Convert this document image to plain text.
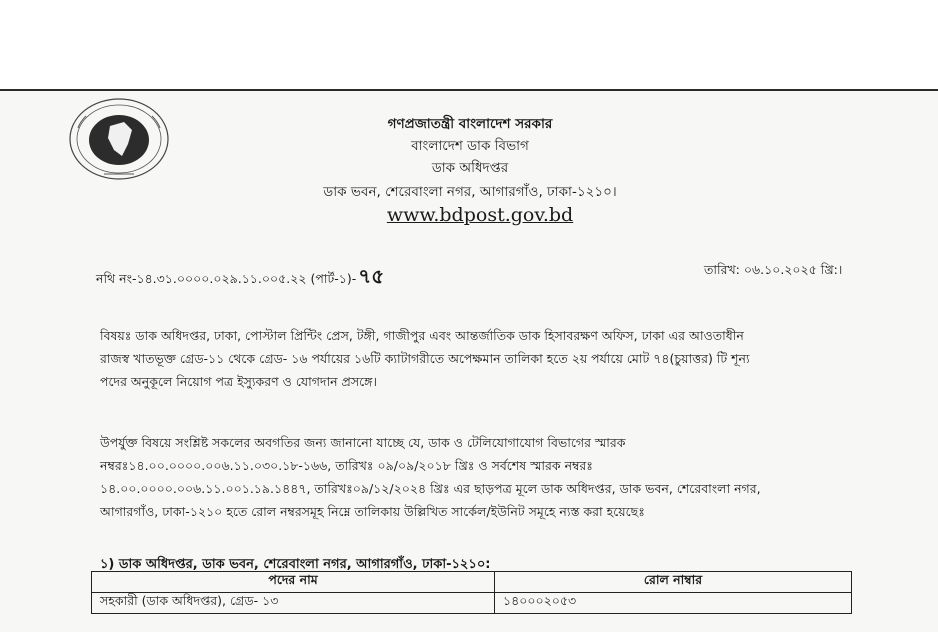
গণপ্রজাতন্ত্রী বাংলাদেশ সরকার
বাংলাদেশ ডাক বিভাগ
ডাক অধিদপ্তর
ডাক ভবন, শেরেবাংলা নগর, আগারগাঁও, ঢাকা-১২১০।
www.bdpost.gov.bd
নথি নং-১৪.৩১.০০০০.০২৯.১১.০০৫.২২ (পার্ট-১)- ৭৫	তারিখ: ০৬.১০.২০২৫ খ্রি:।
বিষয়ঃ ডাক অধিদপ্তর, ঢাকা, পোস্টাল প্রিন্টিং প্রেস, টঙ্গী, গাজীপুর এবং আন্তর্জাতিক ডাক হিসাবরক্ষণ অফিস, ঢাকা এর আওতাধীন
রাজস্ব খাতভূক্ত গ্রেড-১১ থেকে গ্রেড- ১৬ পর্যায়ের ১৬টি ক্যাটাগরীতে অপেক্ষমান তালিকা হতে ২য় পর্যায়ে মোট ৭৪(চুয়াত্তর) টি শূন্য
পদের অনুকূলে নিয়োগ পত্র ইস্যুকরণ ও যোগদান প্রসঙ্গে।
উপর্যুক্ত বিষয়ে সংশ্লিষ্ট সকলের অবগতির জন্য জানানো যাচ্ছে যে, ডাক ও টেলিযোগাযোগ বিভাগের স্মারক
নম্বরঃ১৪.০০.০০০০.০০৬.১১.০৩০.১৮-১৬৬, তারিখঃ ০৯/০৯/২০১৮ খ্রিঃ ও সর্বশেষ স্মারক নম্বরঃ
১৪.০০.০০০০.০০৬.১১.০০১.১৯.১৪৪৭, তারিখঃ০৯/১২/২০২৪ খ্রিঃ এর ছাড়পত্র মূলে ডাক অধিদপ্তর, ডাক ভবন, শেরেবাংলা নগর,
আগারগাঁও, ঢাকা-১২১০ হতে রোল নম্বরসমূহ নিম্নে তালিকায় উল্লিখিত সার্কেল/ইউনিট সমূহে ন্যস্ত করা হয়েছেঃ
১) ডাক অধিদপ্তর, ডাক ভবন, শেরেবাংলা নগর, আগারগাঁও, ঢাকা-১২১০:
পদের নাম	রোল নাম্বার
সহকারী (ডাক অধিদপ্তর), গ্রেড- ১৩	১৪০০০২০৫৩
